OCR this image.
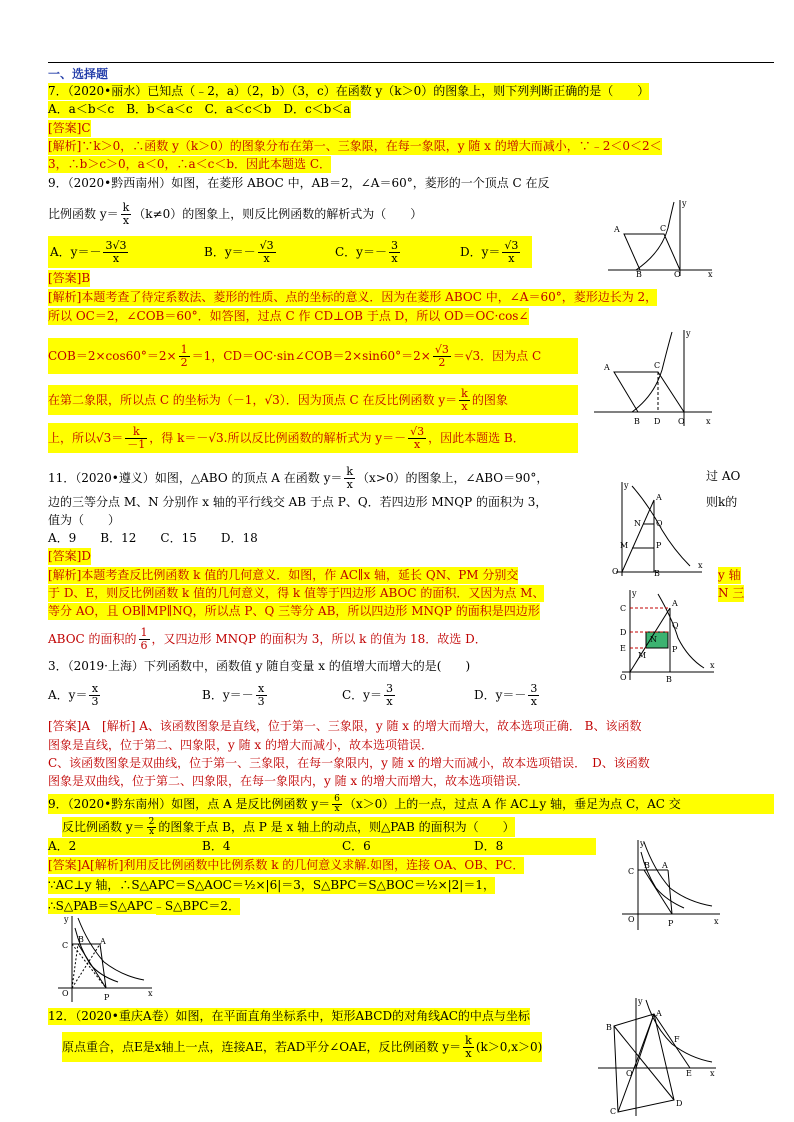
一、选择题
7．（2020•丽水）已知点（﹣2，a）（2，b）（3，c）在函数 y（k＞0）的图象上，则下列判断正确的是（　　）
A．a＜b＜c　B．b＜a＜c　C．a＜c＜b　D．c＜b＜a
[答案]C
[解析]∵k＞0，∴函数 y（k＞0）的图象分布在第一、三象限，在每一象限，y 随 x 的增大而减小，∵﹣2＜0＜2＜
3，∴b＞c＞0，a＜0，∴a＜c＜b．因此本题选 C．
9．（2020•黔西南州）如图，在菱形 ABOC 中，AB＝2，∠A＝60°，菱形的一个顶点 C 在反
比例函数 $y= \frac{k}{x} (k\ne 0)$的图象上，则反比例函数的解析式为（　　）
A．$y=- \frac{3√3}{x}$	B．$y=- \frac{√3}{x}$	C．$y=- \frac{3}{x}$	D．$y= \frac{√3}{x}$
A	C
B	O	x
y
[答案]B
[解析]本题考查了待定系数法、菱形的性质、点的坐标的意义．因为在菱形 ABOC 中，∠A＝60°，菱形边长为 2，
所以 OC＝2，∠COB＝60°．如答图，过点 C 作 CD⊥OB 于点 D，所以 OD＝OC·cos∠
$COB=2\times\cos 60^\circ=2\times \frac{1}{2} =1$，CD＝OC·sin∠COB＝2×sin60°＝2× $\frac{√3}{2} =√3$．因为点 C
在第二象限，所以点 C 的坐标为（－1，√3）．因为顶点 C 在反比例函数 $y= \frac{k}{x}$ 的图象
上，所以$√3= \frac{k}{-1}$ ，得 k＝－√3.所以反比例函数的解析式为 $y=- \frac{√3}{x}$ ，因此本题选 B．
A	C
B D O	x
y
11．（2020•遵义）如图，△ABO 的顶点 A 在函数 $y= \frac{k}{x} (x>0)$的图象上，∠ABO＝90°，	过 AO
边的三等分点 M、N 分别作 x 轴的平行线交 AB 于点 P、Q．若四边形 MNQP 的面积为 3，	则k的
值为（　　）
A．9　　B．12　　C．15　　D．18
[答案]D
[解析]本题考查反比例函数 k 值的几何意义．如图，作 AC∥x 轴，延长 QN、PM 分别交	y 轴
于 D、E，则反比例函数 k 值的几何意义，得 k 值等于四边形 ABOC 的面积．又因为点 M、	N 三
等分 AO，且 OB∥MP∥NQ，所以点 P、Q 三等分 AB，所以四边形 MNQP 的面积是四边形
ABOC 的面积的 $\frac{1}{6}$ ，又四边形 MNQP 的面积为 3，所以 k 的值为 18．故选 D．
A
N Q
M	P
O	B
x
y
C
D
E
A
N
Q
M
P
O	B
x
y
3．（2019·上海）下列函数中，函数值 y 随自变量 x 的值增大而增大的是(　　)
A．$y= \frac{x}{3}$	B．$y=- \frac{x}{3}$	C．$y= \frac{3}{x}$	D．$y=- \frac{3}{x}$
[答案]A　[解析] A、该函数图象是直线，位于第一、三象限，y 随 x 的增大而增大，故本选项正确． B、该函数
图象是直线，位于第二、四象限，y 随 x 的增大而减小，故本选项错误．
C、该函数图象是双曲线，位于第一、三象限，在每一象限内，y 随 x 的增大而减小，故本选项错误．　D、该函数
图象是双曲线，位于第二、四象限，在每一象限内，y 随 x 的增大而增大，故本选项错误．
9．（2020•黔东南州）如图，点 A 是反比例函数 $y= \frac{6}{x} (x>0)$上的一点，过点 A 作 AC⊥y 轴，垂足为点 C，AC 交
反比例函数 $y= \frac{2}{x}$ 的图象于点 B，点 P 是 x 轴上的动点，则△PAB 的面积为（　　）
A．2	B．4	C．6	D．8
[答案]A[解析]利用反比例函数中比例系数 k 的几何意义求解.如图，连接 OA、OB、PC．
∵AC⊥y 轴，∴S△APC＝S△AOC＝½×|6|＝3，S△BPC＝S△BOC＝½×|2|＝1，
∴S△PAB＝S△APC﹣S△BPC＝2．
B A
C
O	P	x
y
B A
C
O	P	x
y
12．（2020•重庆A卷）如图，在平面直角坐标系中，矩形ABCD的对角线AC的中点与坐标
原点重合，点E是x轴上一点，连接AE，若AD平分∠OAE，反比例函数 $y= \frac{k}{x} (k>0,x>0)$
A
B
C
D
E
F
O	x
y
